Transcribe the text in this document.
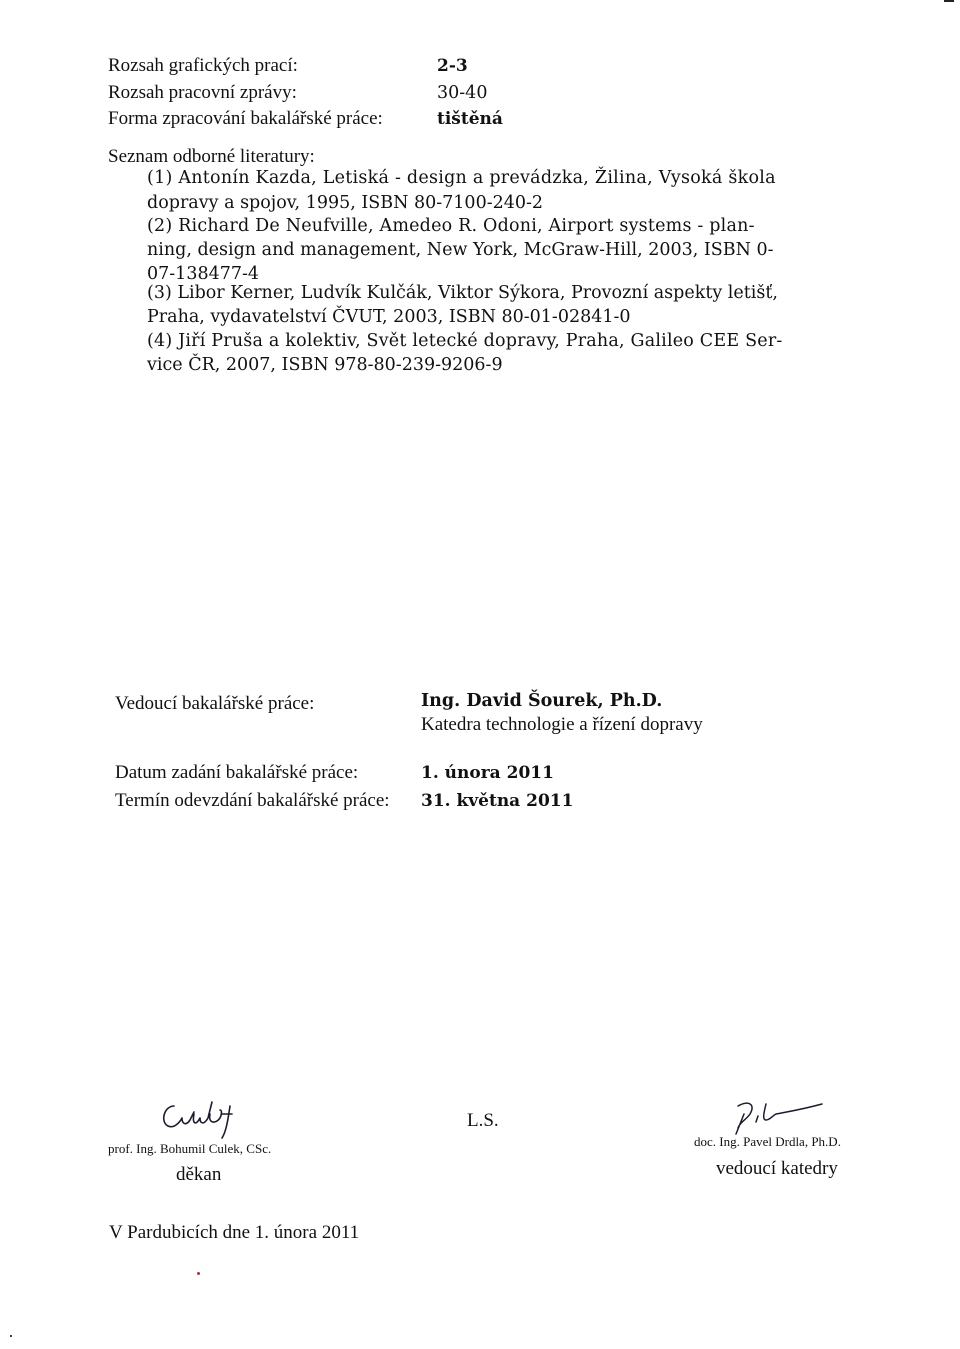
Rozsah grafických prací:	2-3
Rozsah pracovní zprávy:	30-40
Forma zpracování bakalářské práce:	tištěná
Seznam odborné literatury:
(1) Antonín Kazda, Letiská - design a prevádzka, Žilina, Vysoká škola
dopravy a spojov, 1995, ISBN 80-7100-240-2
(2) Richard De Neufville, Amedeo R. Odoni, Airport systems - plan-
ning, design and management, New York, McGraw-Hill, 2003, ISBN 0-
07-138477-4
(3) Libor Kerner, Ludvík Kulčák, Viktor Sýkora, Provozní aspekty letišť,
Praha, vydavatelství ČVUT, 2003, ISBN 80-01-02841-0
(4) Jiří Pruša a kolektiv, Svět letecké dopravy, Praha, Galileo CEE Ser-
vice ČR, 2007, ISBN 978-80-239-9206-9
Vedoucí bakalářské práce:	Ing. David Šourek, Ph.D.
Katedra technologie a řízení dopravy
Datum zadání bakalářské práce:	1. února 2011
Termín odevzdání bakalářské práce: 31. května 2011
prof. Ing. Bohumil Culek, CSc.
děkan
L.S.
doc. Ing. Pavel Drdla, Ph.D.
vedoucí katedry
V Pardubicích dne 1. února 2011
